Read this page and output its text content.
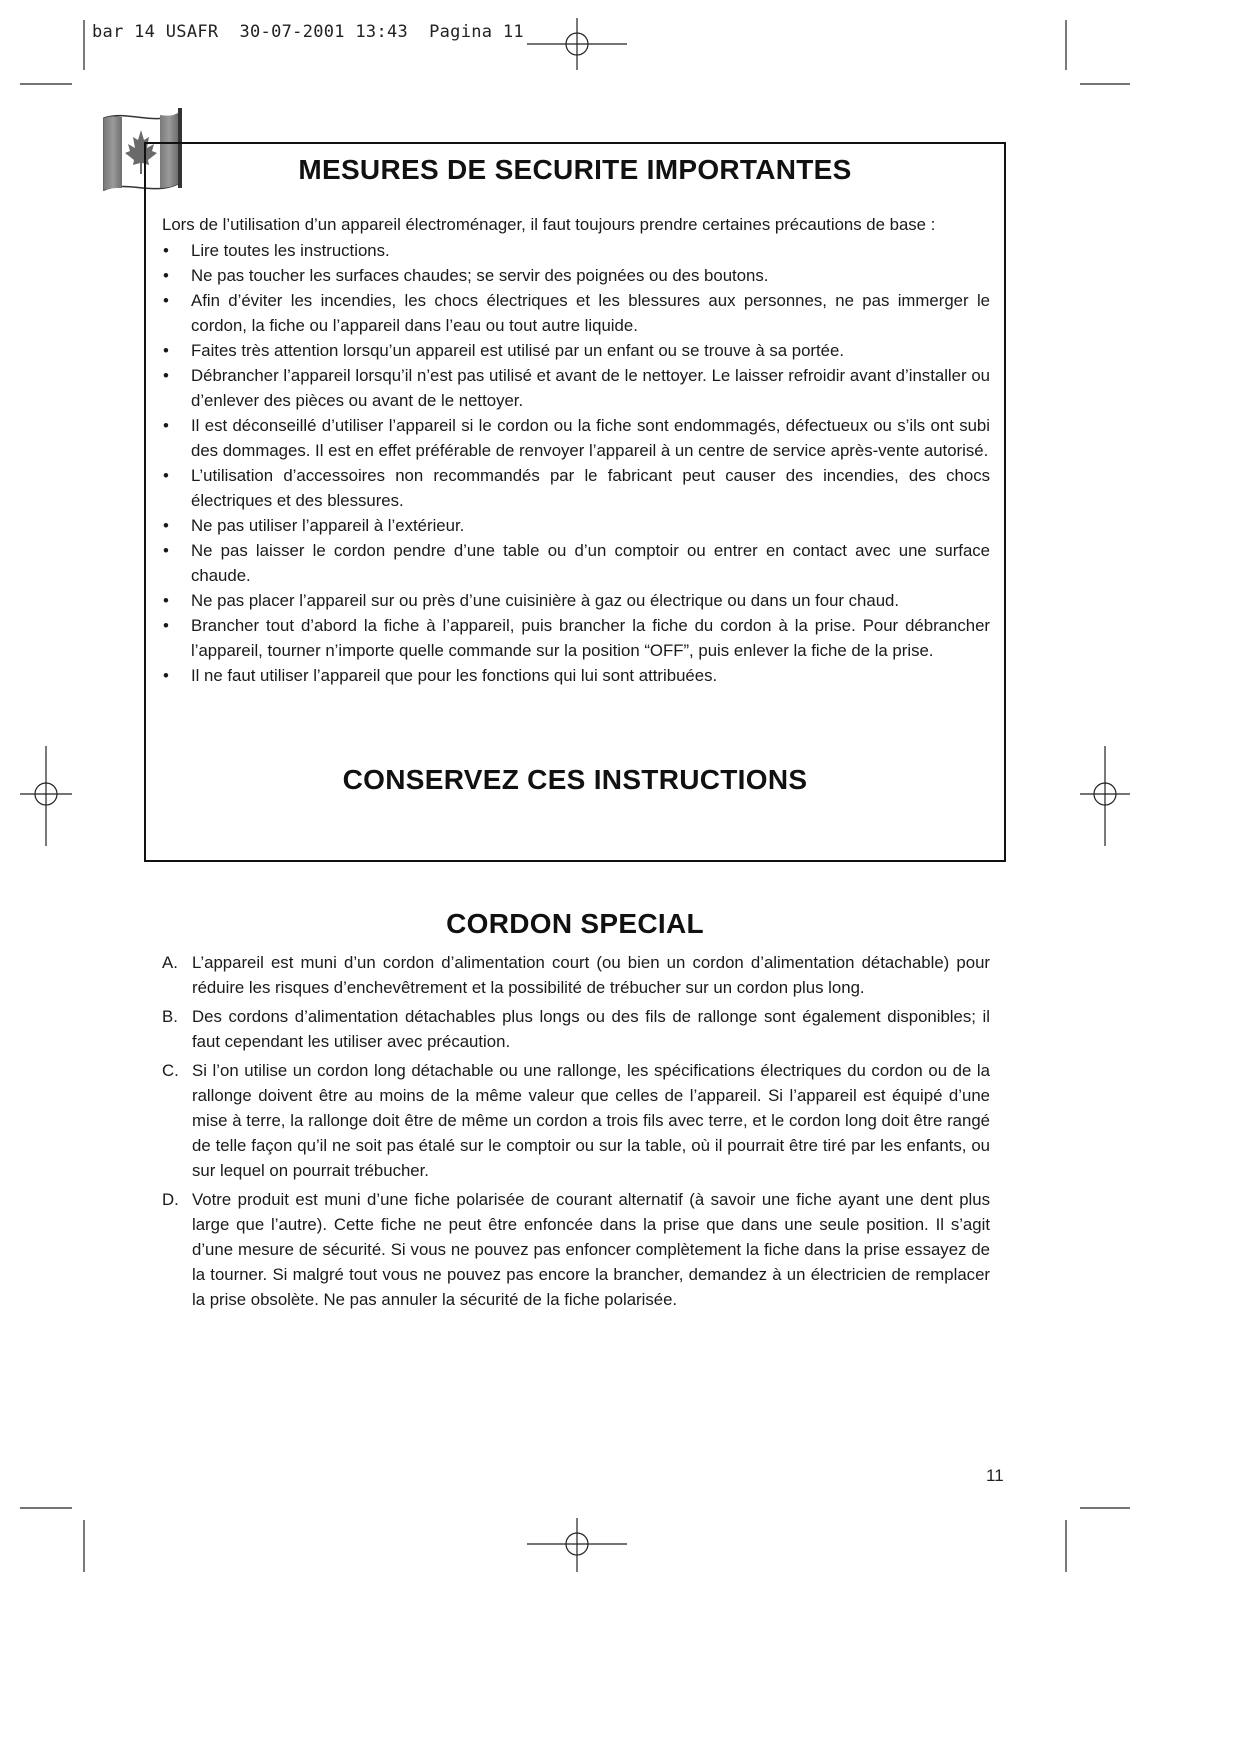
bar 14 USAFR  30-07-2001 13:43  Pagina 11
MESURES DE SECURITE IMPORTANTES

Lors de l’utilisation d’un appareil électroménager, il faut toujours prendre certaines précautions de base :

• Lire toutes les instructions.
• Ne pas toucher les surfaces chaudes; se servir des poignées ou des boutons.
• Afin d’éviter les incendies, les chocs électriques et les blessures aux personnes, ne pas immerger le cordon, la fiche ou l’appareil dans l’eau ou tout autre liquide.
• Faites très attention lorsqu’un appareil est utilisé par un enfant ou se trouve à sa portée.
• Débrancher l’appareil lorsqu’il n’est pas utilisé et avant de le nettoyer. Le laisser refroidir avant d’installer ou d’enlever des pièces ou avant de le nettoyer.
• Il est déconseillé d’utiliser l’appareil si le cordon ou la fiche sont endommagés, défectueux ou s’ils ont subi des dommages. Il est en effet préférable de renvoyer l’appareil à un centre de service après-vente autorisé.
• L’utilisation d’accessoires non recommandés par le fabricant peut causer des incendies, des chocs électriques et des blessures.
• Ne pas utiliser l’appareil à l’extérieur.
• Ne pas laisser le cordon pendre d’une table ou d’un comptoir ou entrer en contact avec une surface chaude.
• Ne pas placer l’appareil sur ou près d’une cuisinière à gaz ou électrique ou dans un four chaud.
• Brancher tout d’abord la fiche à l’appareil, puis brancher la fiche du cordon à la prise. Pour débrancher l’appareil, tourner n’importe quelle commande sur la position “OFF”, puis enlever la fiche de la prise.
• Il ne faut utiliser l’appareil que pour les fonctions qui lui sont attribuées.
CONSERVEZ CES INSTRUCTIONS
CORDON SPECIAL
A. L’appareil est muni d’un cordon d’alimentation court (ou bien un cordon d’alimentation détachable) pour réduire les risques d’enchevêtrement et la possibilité de trébucher sur un cordon plus long.
B. Des cordons d’alimentation détachables plus longs ou des fils de rallonge sont également disponibles; il faut cependant les utiliser avec précaution.
C. Si l’on utilise un cordon long détachable ou une rallonge, les spécifications électriques du cordon ou de la rallonge doivent être au moins de la même valeur que celles de l’appareil. Si l’appareil est équipé d’une mise à terre, la rallonge doit être de même un cordon a trois fils avec terre, et le cordon long doit être rangé de telle façon qu’il ne soit pas étalé sur le comptoir ou sur la table, où il pourrait être tiré par les enfants, ou sur lequel on pourrait trébucher.
D. Votre produit est muni d’une fiche polarisée de courant alternatif (à savoir une fiche ayant une dent plus large que l’autre). Cette fiche ne peut être enfoncée dans la prise que dans une seule position. Il s’agit d’une mesure de sécurité. Si vous ne pouvez pas enfoncer complètement la fiche dans la prise essayez de la tourner. Si malgré tout vous ne pouvez pas encore la brancher, demandez à un électricien de remplacer la prise obsolète. Ne pas annuler la sécurité de la fiche polarisée.
11
